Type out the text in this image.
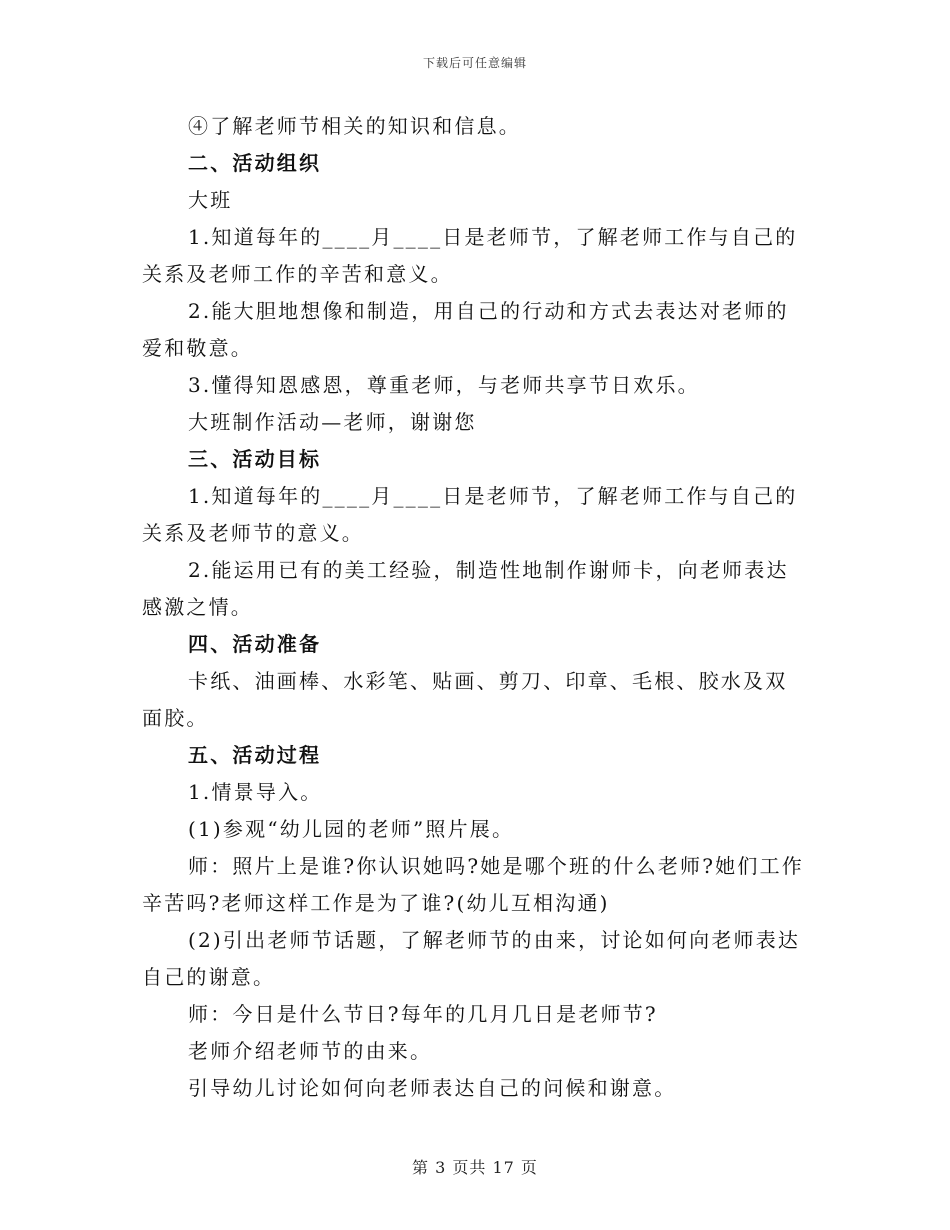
下载后可任意编辑

④了解老师节相关的知识和信息。

二、活动组织

大班

1.知道每年的____月____日是老师节，了解老师工作与自己的关系及老师工作的辛苦和意义。

2.能大胆地想像和制造，用自己的行动和方式去表达对老师的爱和敬意。

3.懂得知恩感恩，尊重老师，与老师共享节日欢乐。

大班制作活动—老师，谢谢您

三、活动目标

1.知道每年的____月____日是老师节，了解老师工作与自己的关系及老师节的意义。

2.能运用已有的美工经验，制造性地制作谢师卡，向老师表达感激之情。

四、活动准备

卡纸、油画棒、水彩笔、贴画、剪刀、印章、毛根、胶水及双面胶。

五、活动过程

1.情景导入。

(1)参观“幼儿园的老师”照片展。

师：照片上是谁?你认识她吗?她是哪个班的什么老师?她们工作辛苦吗?老师这样工作是为了谁?(幼儿互相沟通)

(2)引出老师节话题，了解老师节的由来，讨论如何向老师表达自己的谢意。

师：今日是什么节日?每年的几月几日是老师节?

老师介绍老师节的由来。

引导幼儿讨论如何向老师表达自己的问候和谢意。

第 3 页共 17 页
